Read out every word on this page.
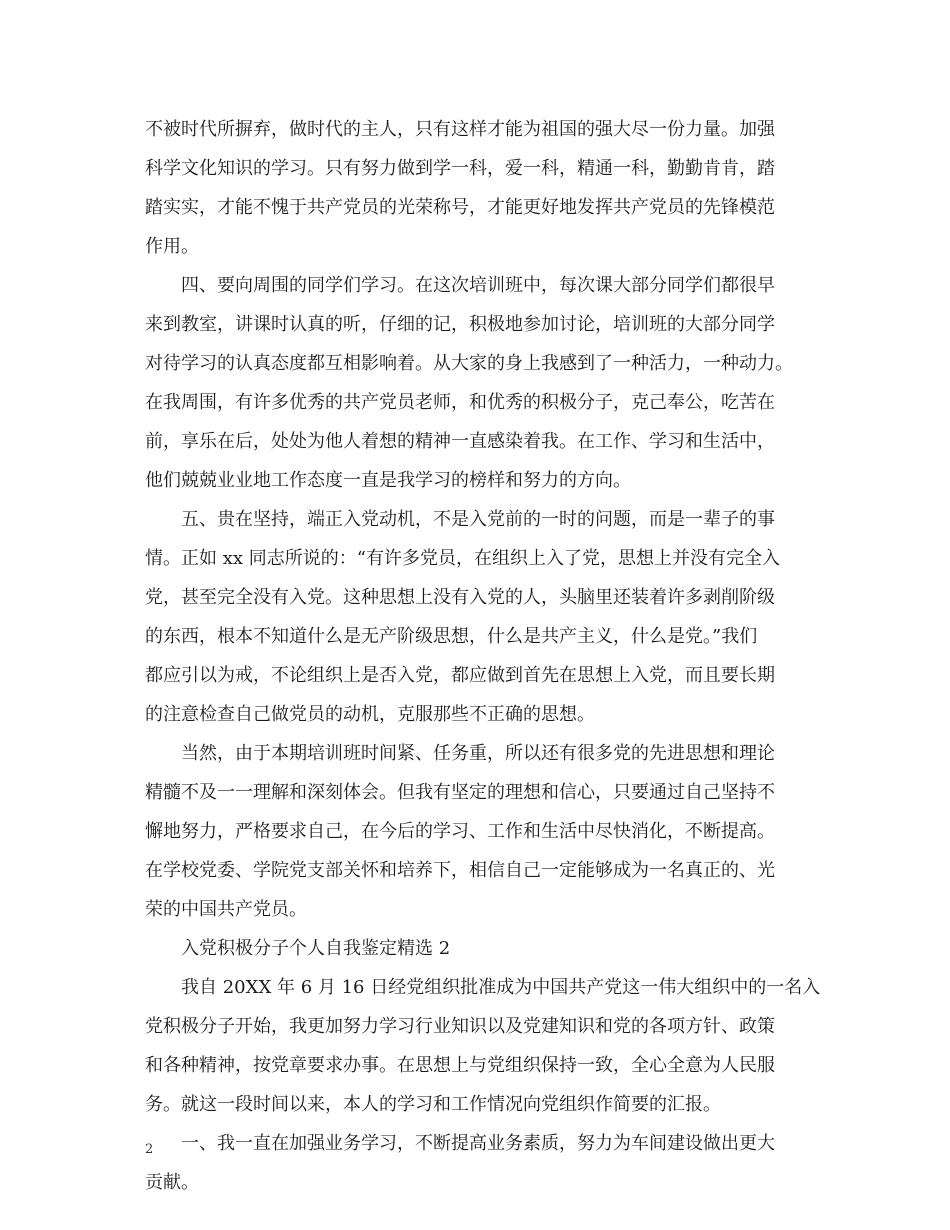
不被时代所摒弃，做时代的主人，只有这样才能为祖国的强大尽一份力量。加强
科学文化知识的学习。只有努力做到学一科，爱一科，精通一科，勤勤肯肯，踏
踏实实，才能不愧于共产党员的光荣称号，才能更好地发挥共产党员的先锋模范
作用。
四、要向周围的同学们学习。在这次培训班中，每次课大部分同学们都很早
来到教室，讲课时认真的听，仔细的记，积极地参加讨论，培训班的大部分同学
对待学习的认真态度都互相影响着。从大家的身上我感到了一种活力，一种动力。
在我周围，有许多优秀的共产党员老师，和优秀的积极分子，克己奉公，吃苦在
前，享乐在后，处处为他人着想的精神一直感染着我。在工作、学习和生活中，
他们兢兢业业地工作态度一直是我学习的榜样和努力的方向。
五、贵在坚持，端正入党动机，不是入党前的一时的问题，而是一辈子的事
情。正如 xx 同志所说的：“有许多党员，在组织上入了党，思想上并没有完全入
党，甚至完全没有入党。这种思想上没有入党的人，头脑里还装着许多剥削阶级
的东西，根本不知道什么是无产阶级思想，什么是共产主义，什么是党。”我们
都应引以为戒，不论组织上是否入党，都应做到首先在思想上入党，而且要长期
的注意检查自己做党员的动机，克服那些不正确的思想。
当然，由于本期培训班时间紧、任务重，所以还有很多党的先进思想和理论
精髓不及一一理解和深刻体会。但我有坚定的理想和信心，只要通过自己坚持不
懈地努力，严格要求自己，在今后的学习、工作和生活中尽快消化，不断提高。
在学校党委、学院党支部关怀和培养下，相信自己一定能够成为一名真正的、光
荣的中国共产党员。
入党积极分子个人自我鉴定精选 2
我自 20XX 年 6 月 16 日经党组织批准成为中国共产党这一伟大组织中的一名入
党积极分子开始，我更加努力学习行业知识以及党建知识和党的各项方针、政策
和各种精神，按党章要求办事。在思想上与党组织保持一致，全心全意为人民服
务。就这一段时间以来，本人的学习和工作情况向党组织作简要的汇报。
一、我一直在加强业务学习，不断提高业务素质，努力为车间建设做出更大
贡献。
2
